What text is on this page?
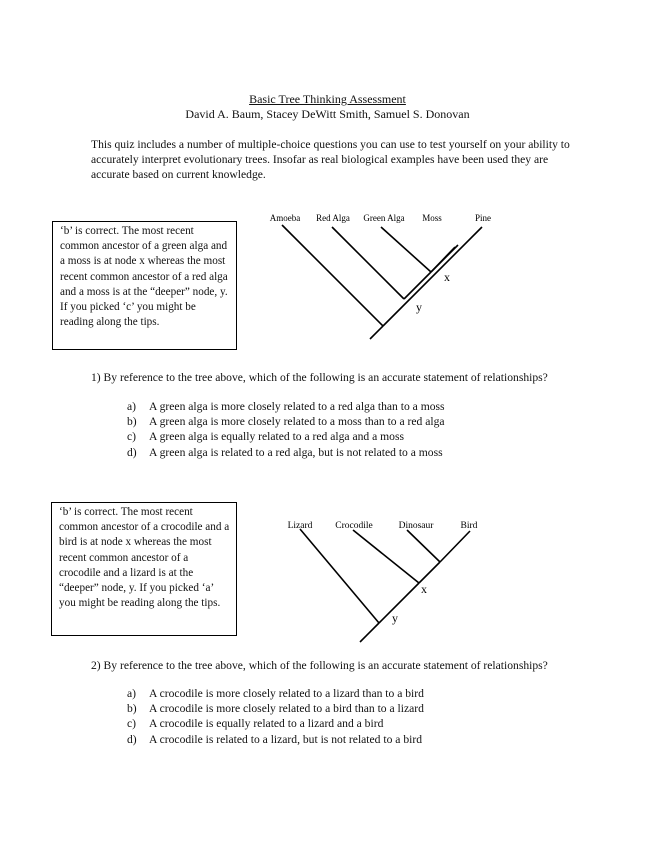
Basic Tree Thinking Assessment
David A. Baum, Stacey DeWitt Smith, Samuel S. Donovan
This quiz includes a number of multiple-choice questions you can use to test yourself on your ability to accurately interpret evolutionary trees. Insofar as real biological examples have been used they are accurate based on current knowledge.
‘b’ is correct. The most recent common ancestor of a green alga and a moss is at node x whereas the most recent common ancestor of a red alga and a moss is at the “deeper” node, y. If you picked ‘c’ you might be reading along the tips.
Amoeba Red Alga Green Alga Moss	Pine
x
y
1) By reference to the tree above, which of the following is an accurate statement of relationships?
a)	A green alga is more closely related to a red alga than to a moss
b)	A green alga is more closely related to a moss than to a red alga
c)	A green alga is equally related to a red alga and a moss
d)	A green alga is related to a red alga, but is not related to a moss
‘b’ is correct. The most recent common ancestor of a crocodile and a bird is at node x whereas the most recent common ancestor of a crocodile and a lizard is at the “deeper” node, y. If you picked ‘a’ you might be reading along the tips.
Lizard Crocodile	Dinosaur	Bird
x
y
2) By reference to the tree above, which of the following is an accurate statement of relationships?
a)	A crocodile is more closely related to a lizard than to a bird
b)	A crocodile is more closely related to a bird than to a lizard
c)	A crocodile is equally related to a lizard and a bird
d)	A crocodile is related to a lizard, but is not related to a bird
